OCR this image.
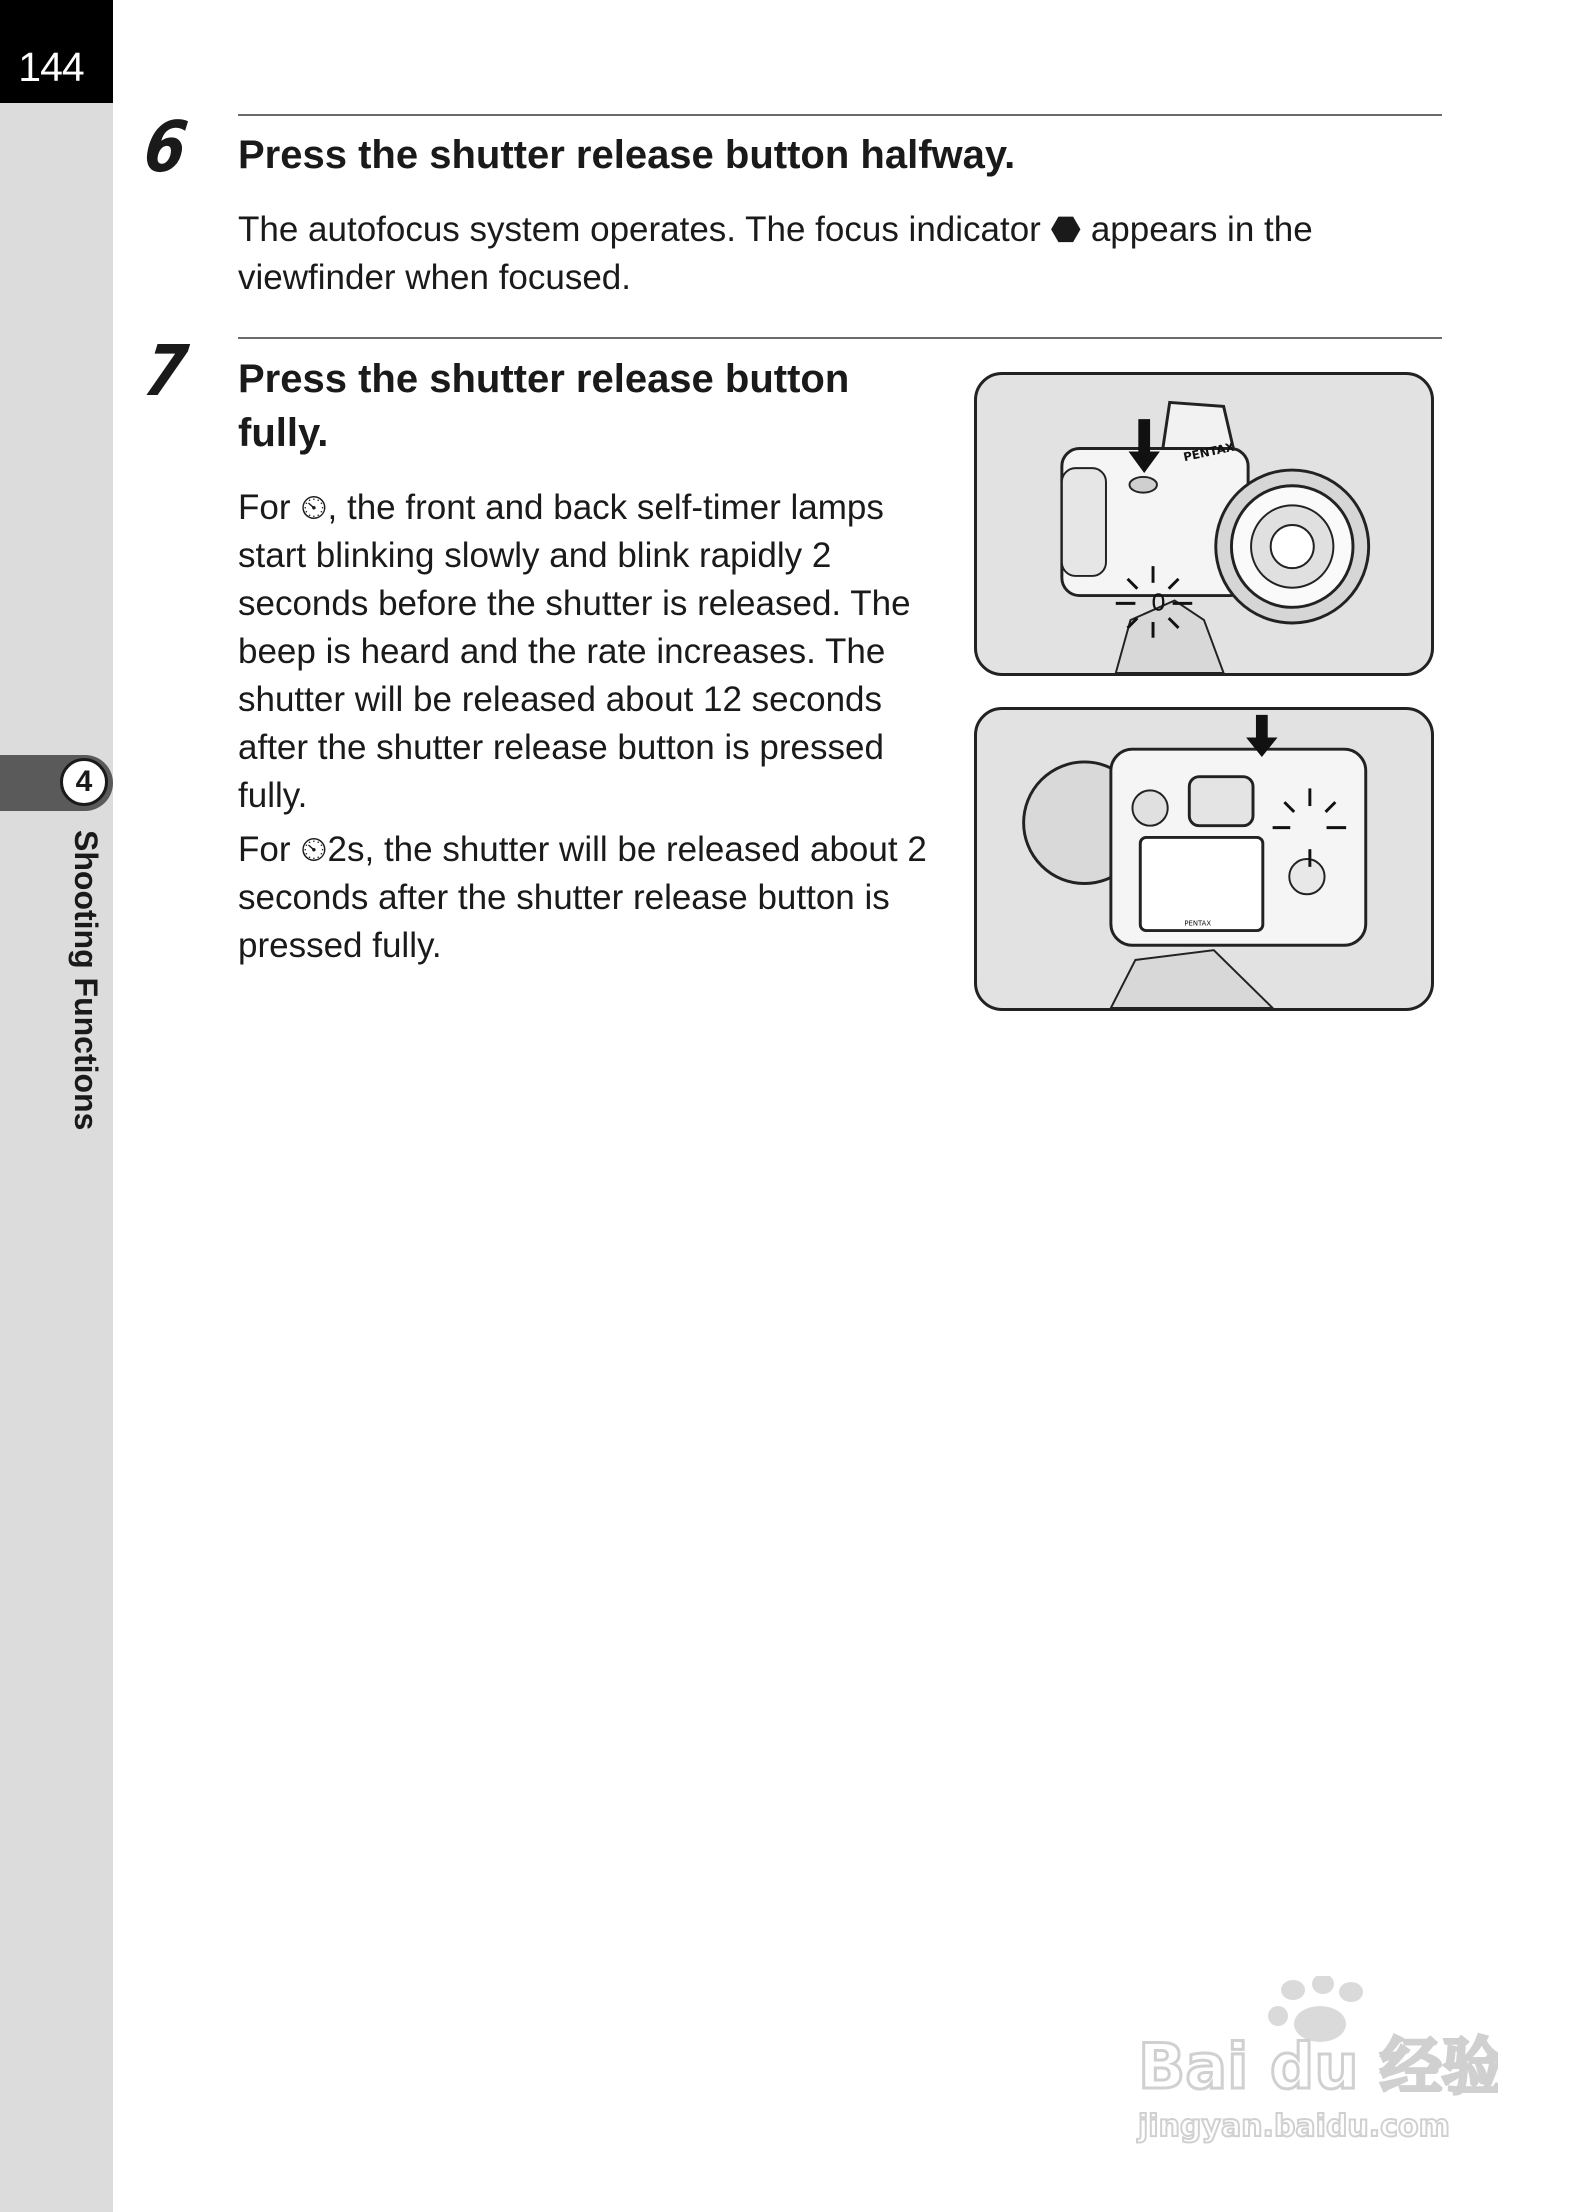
144
4
Shooting Functions
6 Press the shutter release button halfway.

The autofocus system operates. The focus indicator ⬣ appears in the viewfinder when focused.

7 Press the shutter release button fully.

For ⏲, the front and back self-timer lamps start blinking slowly and blink rapidly 2 seconds before the shutter is released. The beep is heard and the rate increases. The shutter will be released about 12 seconds after the shutter release button is pressed fully.

For ⏲2s, the shutter will be released about 2 seconds after the shutter release button is pressed fully.

PENTAX
0
PENTAX
Bai du 经验
jingyan.baidu.com
